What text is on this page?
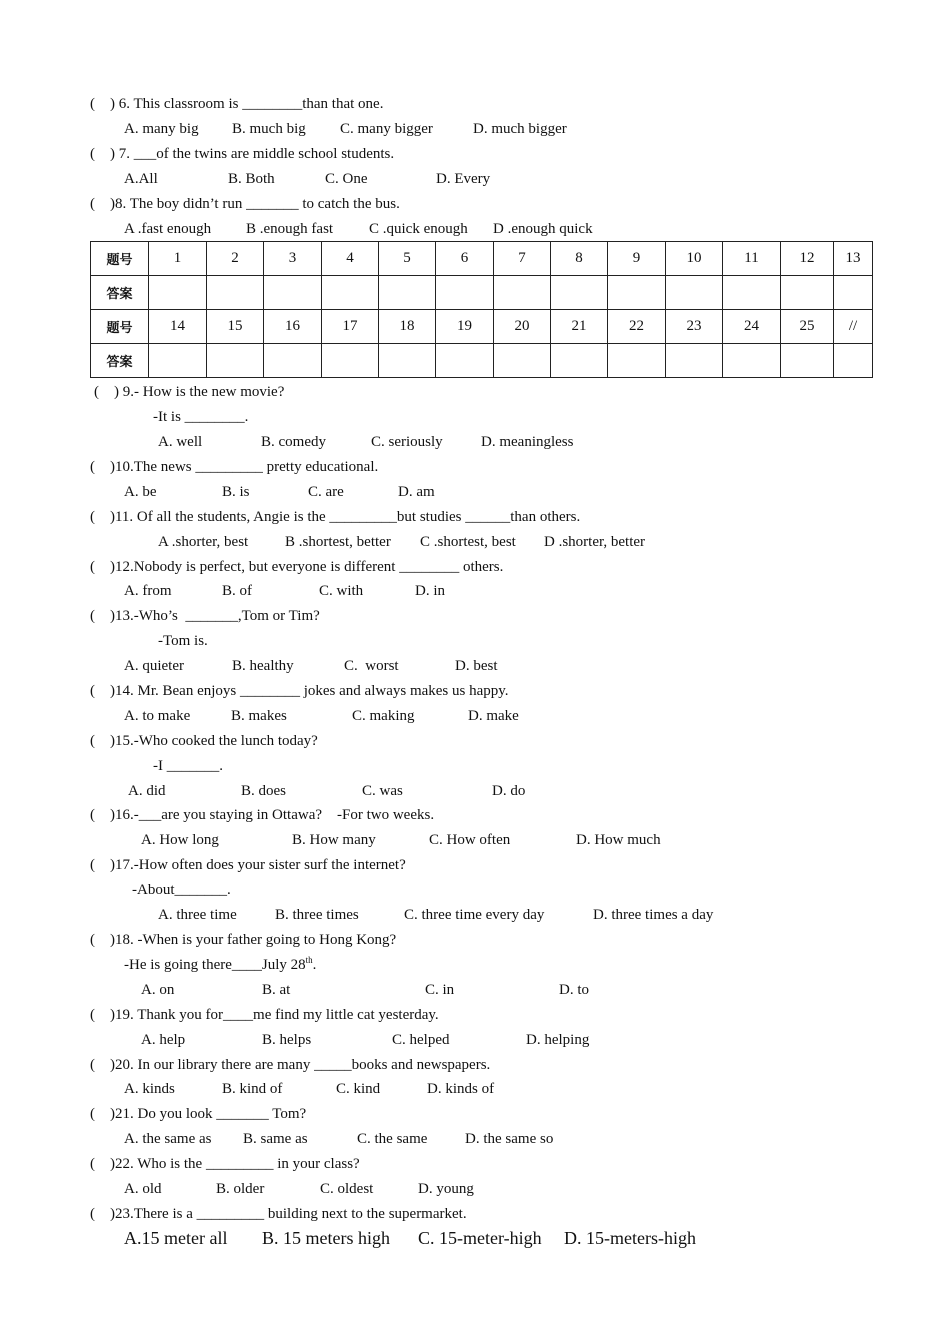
(    ) 6. This classroom is ________than that one.
A. many big B. much big C. many bigger	D. much bigger
(    ) 7. ___of the twins are middle school students.
A.All	B. Both	C. One	D. Every
(    )8. The boy didn’t run _______ to catch the bus.
A .fast enough B .enough fast C .quick enough D .enough quick
题号	1	2	3	4	5	6	7	8	9	10	11	12	13
答案													
题号	14	15	16	17	18	19	20	21	22	23	24	25	//
答案													
(    ) 9.- How is the new movie?
-It is ________.
A. well	B. comedy	C. seriously	D. meaningless
(    )10.The news _________ pretty educational.
A. be	B. is	C. are	D. am
(    )11. Of all the students, Angie is the _________but studies ______than others.
A .shorter, best B .shortest, better C .shortest, best D .shorter, better
(    )12.Nobody is perfect, but everyone is different ________ others.
A. from	B. of	C. with	D. in
(    )13.-Who’s  _______,Tom or Tim?
-Tom is.
A. quieter	B. healthy	C.  worst	D. best
(    )14. Mr. Bean enjoys ________ jokes and always makes us happy.
A. to make	B. makes	C. making	D. make
(    )15.-Who cooked the lunch today?
-I _______.
A. did	B. does	C. was	D. do
(    )16.-___are you staying in Ottawa?    -For two weeks.
A. How long	B. How many	C. How often	D. How much
(    )17.-How often does your sister surf the internet?
-About_______.
A. three time	B. three times	C. three time every day	D. three times a day
(    )18. -When is your father going to Hong Kong?
-He is going there____July 28th.
A. on	B. at	C. in	D. to
(    )19. Thank you for____me find my little cat yesterday.
A. help	B. helps	C. helped	D. helping
(    )20. In our library there are many _____books and newspapers.
A. kinds	B. kind of	C. kind	D. kinds of
(    )21. Do you look _______ Tom?
A. the same as B. same as	C. the same	D. the same so
(    )22. Who is the _________ in your class?
A. old	B. older	C. oldest	D. young
(    )23.There is a _________ building next to the supermarket.
A.15 meter all B. 15 meters high C. 15-meter-high D. 15-meters-high
